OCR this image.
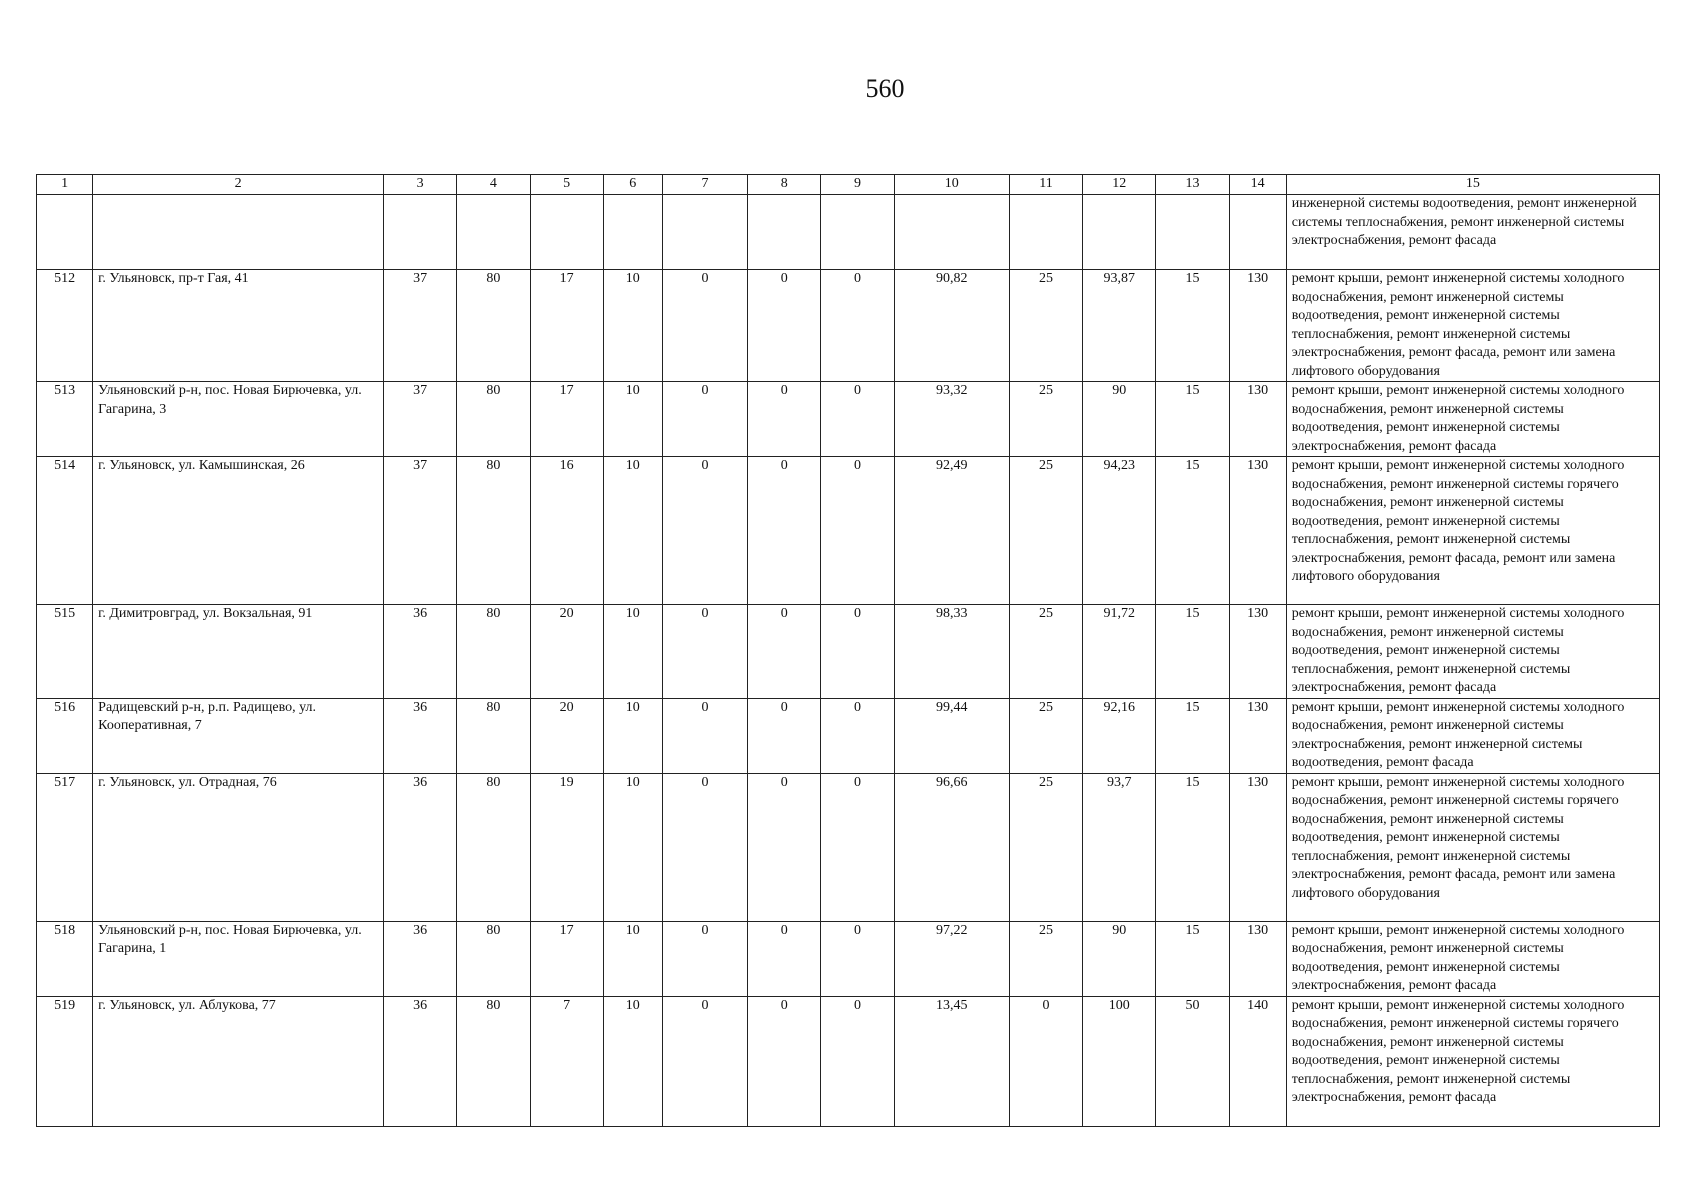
560
1	2	3	4	5	6	7	8	9	10	11	12	13	14	15
														инженерной системы водоотведения, ремонт инженерной системы теплоснабжения, ремонт инженерной системы электроснабжения, ремонт фасада
512	г. Ульяновск, пр-т Гая, 41	37	80	17	10	0	0	0	90,82	25	93,87	15	130	ремонт крыши, ремонт инженерной системы холодного водоснабжения, ремонт инженерной системы водоотведения, ремонт инженерной системы теплоснабжения, ремонт инженерной системы электроснабжения, ремонт фасада, ремонт или замена лифтового оборудования
513	Ульяновский р-н, пос. Новая Бирючевка, ул. Гагарина, 3	37	80	17	10	0	0	0	93,32	25	90	15	130	ремонт крыши, ремонт инженерной системы холодного водоснабжения, ремонт инженерной системы водоотведения, ремонт инженерной системы электроснабжения, ремонт фасада
514	г. Ульяновск, ул. Камышинская, 26	37	80	16	10	0	0	0	92,49	25	94,23	15	130	ремонт крыши, ремонт инженерной системы холодного водоснабжения, ремонт инженерной системы горячего водоснабжения, ремонт инженерной системы водоотведения, ремонт инженерной системы теплоснабжения, ремонт инженерной системы электроснабжения, ремонт фасада, ремонт или замена лифтового оборудования
515	г. Димитровград, ул. Вокзальная, 91	36	80	20	10	0	0	0	98,33	25	91,72	15	130	ремонт крыши, ремонт инженерной системы холодного водоснабжения, ремонт инженерной системы водоотведения, ремонт инженерной системы теплоснабжения, ремонт инженерной системы электроснабжения, ремонт фасада
516	Радищевский р-н, р.п. Радищево, ул. Кооперативная, 7	36	80	20	10	0	0	0	99,44	25	92,16	15	130	ремонт крыши, ремонт инженерной системы холодного водоснабжения, ремонт инженерной системы электроснабжения, ремонт инженерной системы водоотведения, ремонт фасада
517	г. Ульяновск, ул. Отрадная, 76	36	80	19	10	0	0	0	96,66	25	93,7	15	130	ремонт крыши, ремонт инженерной системы холодного водоснабжения, ремонт инженерной системы горячего водоснабжения, ремонт инженерной системы водоотведения, ремонт инженерной системы теплоснабжения, ремонт инженерной системы электроснабжения, ремонт фасада, ремонт или замена лифтового оборудования
518	Ульяновский р-н, пос. Новая Бирючевка, ул. Гагарина, 1	36	80	17	10	0	0	0	97,22	25	90	15	130	ремонт крыши, ремонт инженерной системы холодного водоснабжения, ремонт инженерной системы водоотведения, ремонт инженерной системы электроснабжения, ремонт фасада
519	г. Ульяновск, ул. Аблукова, 77	36	80	7	10	0	0	0	13,45	0	100	50	140	ремонт крыши, ремонт инженерной системы холодного водоснабжения, ремонт инженерной системы горячего водоснабжения, ремонт инженерной системы водоотведения, ремонт инженерной системы теплоснабжения, ремонт инженерной системы электроснабжения, ремонт фасада
